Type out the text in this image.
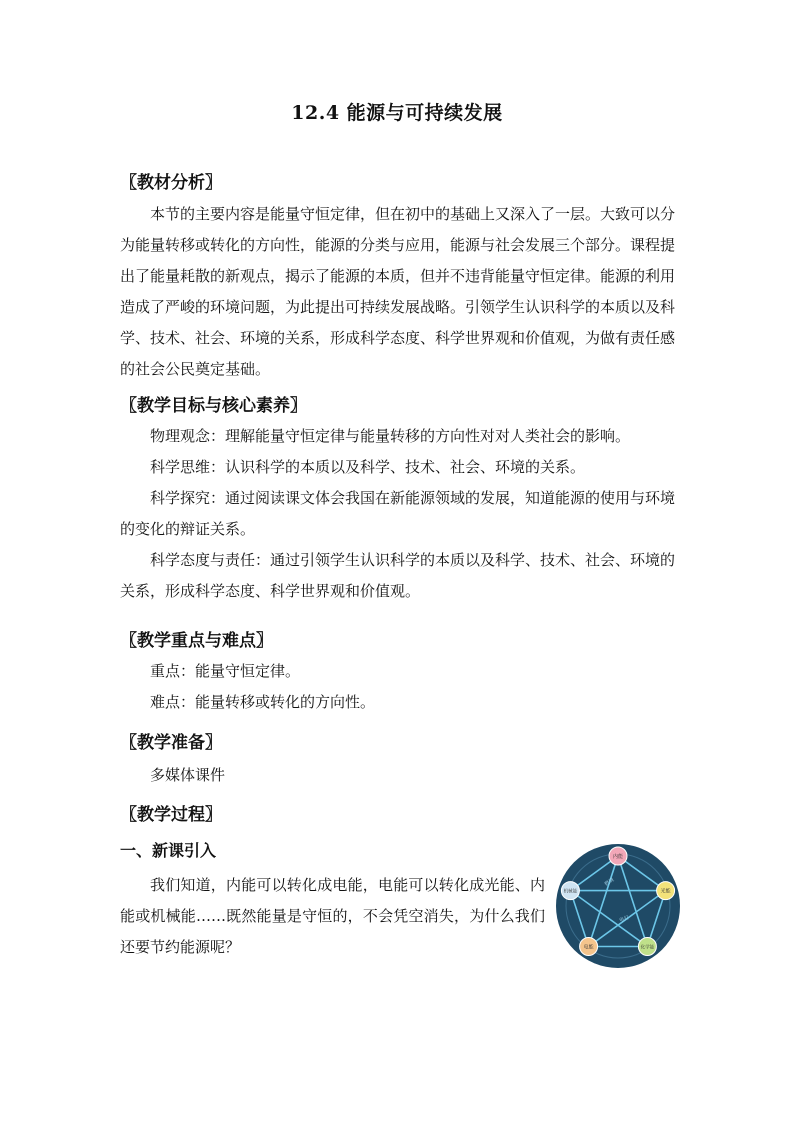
12.4 能源与可持续发展
〖教材分析〗
本节的主要内容是能量守恒定律，但在初中的基础上又深入了一层。大致可以分为能量转移或转化的方向性，能源的分类与应用，能源与社会发展三个部分。课程提出了能量耗散的新观点，揭示了能源的本质，但并不违背能量守恒定律。能源的利用造成了严峻的环境问题，为此提出可持续发展战略。引领学生认识科学的本质以及科学、技术、社会、环境的关系，形成科学态度、科学世界观和价值观，为做有责任感的社会公民奠定基础。
〖教学目标与核心素养〗
物理观念：理解能量守恒定律与能量转移的方向性对对人类社会的影响。
科学思维：认识科学的本质以及科学、技术、社会、环境的关系。
科学探究：通过阅读课文体会我国在新能源领域的发展，知道能源的使用与环境的变化的辩证关系。
科学态度与责任：通过引领学生认识科学的本质以及科学、技术、社会、环境的关系，形成科学态度、科学世界观和价值观。
〖教学重点与难点〗
重点：能量守恒定律。
难点：能量转移或转化的方向性。
〖教学准备〗
多媒体课件
〖教学过程〗
一、新课引入
我们知道，内能可以转化成电能，电能可以转化成光能、内能或机械能……既然能量是守恒的，不会凭空消失，为什么我们还要节约能源呢？
燃烧
电灯
内能
光能
化学能
电能
机械能
